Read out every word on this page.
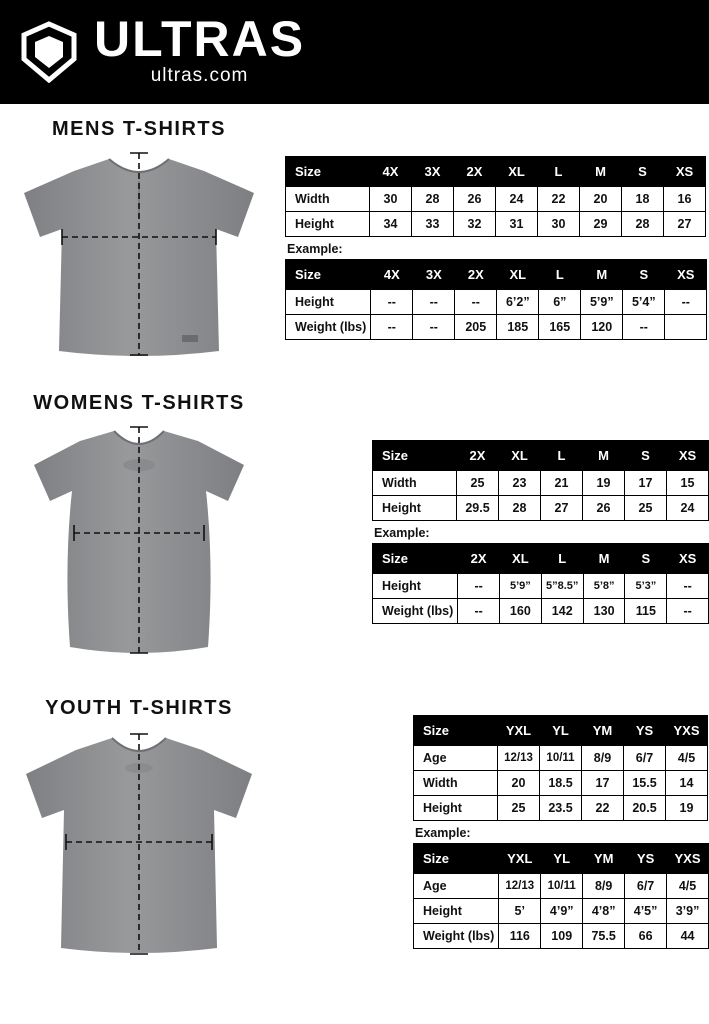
ULTRAS
ultras.com
MENS T-SHIRTS
Size	4X	3X	2X	XL	L	M	S	XS
Width	30	28	26	24	22	20	18	16
Height	34	33	32	31	30	29	28	27
Example:
Size	4X	3X	2X	XL	L	M	S	XS
Height	--	--	--	6’2”	6”	5’9”	5’4”	--
Weight (lbs)	--	--	205	185	165	120	--	
WOMENS T-SHIRTS
Size	2X	XL	L	M	S	XS
Width	25	23	21	19	17	15
Height	29.5	28	27	26	25	24
Example:
Size	2X	XL	L	M	S	XS
Height	--	5’9”	5”8.5”	5’8”	5’3”	--
Weight (lbs)	--	160	142	130	115	--
YOUTH T-SHIRTS
Size	YXL	YL	YM	YS	YXS
Age	12/13	10/11	8/9	6/7	4/5
Width	20	18.5	17	15.5	14
Height	25	23.5	22	20.5	19
Example:
Size	YXL	YL	YM	YS	YXS
Age	12/13	10/11	8/9	6/7	4/5
Height	5’	4’9”	4’8”	4’5”	3’9”
Weight (lbs)	116	109	75.5	66	44
